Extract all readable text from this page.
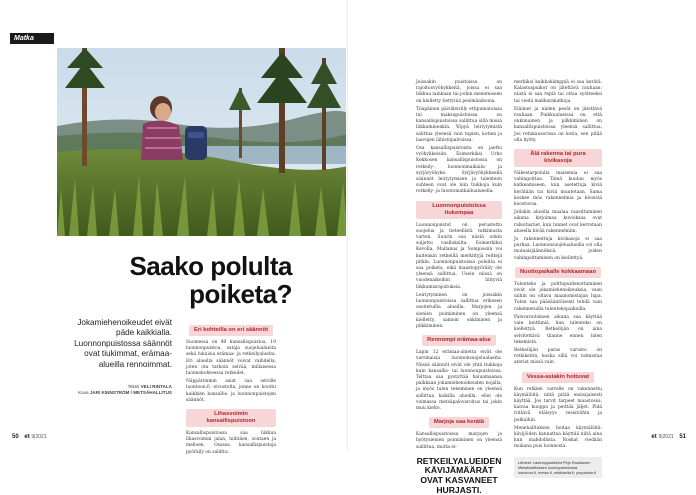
Matka
Saako polulta poiketa?
Jokamiehenoikeudet eivät päde kaikkialla. Luonnonpuistossa säännöt ovat tiukimmat, erämaa-alueilla rennoimmat.
Teksti VELI RINTALA
Kuva JARI KINNSTRÖM / METSÄHALLITUS
Eri kohteilla on eri säännöt

Suomessa on 40 kansallispuistoa, 19 luonnonpuistoa, sataja suojelualueita sekä lukuisia erämaa- ja retkeilyalueita. Eri alueilla säännöt voivat vaihdella, joten ota tarkoin selvää, millaisessa luonnokohteessa retkeilet.

Näppärimmin asiat saa selville luontoon.fi -sivustolta, jonne on koottu kaikkien kansallis- ja luonnonpuistojen säännöt.

Lihasvoimin kansallispuistoon

Kansallispuistossa saa liikkua lihasvoimin jalan, hiihtäen, soutaen ja melloen. Osassa kansallispuistoja pyöräily on sallittu.

50 et 9|2021

Joissakin puistoissa on rajoitusvyöhykkeitä, joissa ei saa liikkua lainkaan tai joihin menemiseen on kielletty tiettyinä pesimäaikoina.

Tilapäinen päiväleiriily ettipumatoissa tai maksupuistoissa on kansallispuistoissa sallittua sillä missä liikkuminenkin. Yöpyä leiriytymistä salittua yleensä vain tupien, kotien ja laavujen lähistöpalvoissa.

Osa kansallispuistoista on jaettu vyöhykkeisiin. Esimerkiksi Urho Kekkosen kansallispuistossa on retkeily-, luonnonmaikailu- ja syrjävyöhyke. Syrjävyöhykkeellä säännöt leiriytymisen ja tulenteon suhteen ovat ole niin tiukkoja kuin retkeily- ja luontomatkailualueella.

Luonnonpuistoissa tiukempaa

Luonnonpuistot on perustettu suojelua ja tieteellistä tutkimusta varten. Suurin osa niistä onkin suljettu vaelluksilta. Esimerkiksi Kevolla, Mallanus ja Sompiosiin voi kuitenkin retkeillä merkittyjä reittejä pitkin. Luonnonpuistoissa poluilta ei saa poiketa, eikä maastopyöräily ole yleensä sallittua. Usein niissä on vuodenaikoihin liittyviä liikkumisrajoituksia.

Leiriytyminen on joissakin luonnonpuistoissa sallittua erikseen osoitetuilla alueilla. Marjojen ja sienien poimiminen on yleensä kielletty, samoin onkiminen ja pilkkiminen.

Rennompi erämaa-alue

Lapin 12 erämaa-aluetta eivät ole varsinaisia luonnonsuojelualueita. Niissä säännöt eivät ole yhtä tiukkoja kuin kansallis- tai luonnonpuistoissa. Telttaa saa pystyttää haluamaansa paikkaan jokamiehenoikeuden nojalla, ja myös tulen tekeminen on yleensä sallittua kaikilla alueilla, ellei ole voimassa metsäpalovaroitus tai jokin muu kielto.

Marjoja saa kerätä

Kansallispuistoissa marjojen ja hyötysienien poimiminen on yleensä sallittua, mutta ei-

RETKEILYALUEIDEN KÄVIJÄMÄÄRÄT OVAT KASVANEET HURJASTI.

merkiksi kaikkakämppiä ei saa kerätä. Kalastuspuikot on jätettävä rauhaan: niistä ei saa repiä tai ottaa syötteeksi tai viedä makkarakatkoja.

Eläimet ja niiden pesät on jätettävä rauhaan. Pinkkualueissa on, että onkimainen ja pilkkiminen on kansallispuistoissa yleensä sallittua. Jos retukausorissa on kotia, sen pitää olla hyöty.

Älä rakenna tai pura kivikasoja

Näkestarpolulla maisemia ei saa vahingoittaa. Tämä kuuluu myös katkeamiseen, kun asetettuja kiviä kerätään tai kiviä muutetaan. Sama koskee mös rakennelmia ja kiveistä koostuvaa.

Jollakin alueilla maalaa vaasittaminen aikana kirjoimaa kuvioksaa ovat rahoitustiet, kun tunnet ovat kerrotaan alueella kivää rakennelmiin.

Jo rakennettuja kivikasoja ei saa purkaa. Luonnonsuojelualueilla voi olla muinaisjäännöksiä, joiden vahingoittaminen on kiellettyä.

Nuotiopaikalle kokkaamaan

Tulenteko ja polttopuidenottaminen eivät ole jokamiehenoikeuksia, vaan niihin on oltava maanomistajan lupa. Tulen saa pääsääntöisesti tehdä vain rakennetuilla tulentekopaikoilla.

Palovaroituksen aikana saa käyttää vain keittimiä, kun tulenteko on kiellettyä. Retkeilijän on aina selvitettävä tilanne ennen tulen tekemistä.

Retkeilijän paras varusto on retkikeitin, koska sillä voi valmistaa ateriat missä vain.

Vessa-asiakin hoituvat

Kun retkien varrelle on rakennettu käymälöitä, niitä pitää ensisijaisesti käyttää. Jos tarvit tarpeet maastossa, kaivaa kuoppa ja peittää jäljet. Pidä riittävä etäisyys vesistöihin ja polkuihin.

Menehalltuksen hoitaa käymälöitä: kävijöiden kannattaa käyttää niitä aina kun mahdollista. Roskat viedään mukana pois luonnosta.

Lähteet: vastrtoppaattelut Pirjo Rautiainen Metsähallituksen luontopalveluista, luontoon.fi, metsa.fi, retkikartta.fi, ymparisto.fi
et 9|2021 51
